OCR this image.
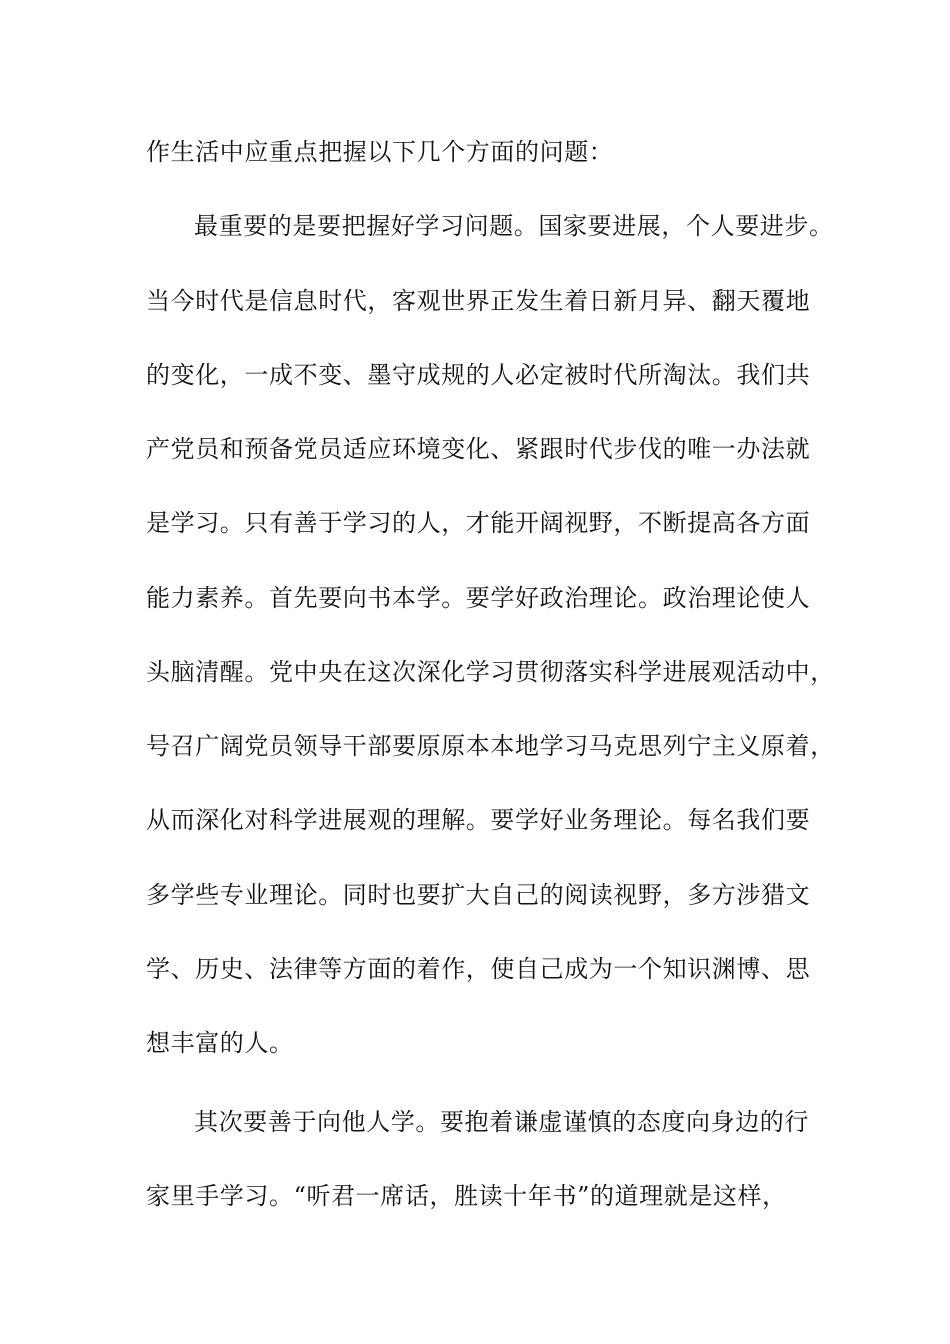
作生活中应重点把握以下几个方面的问题：
最重要的是要把握好学习问题。国家要进展，个人要进步。
当今时代是信息时代，客观世界正发生着日新月异、翻天覆地
的变化，一成不变、墨守成规的人必定被时代所淘汰。我们共
产党员和预备党员适应环境变化、紧跟时代步伐的唯一办法就
是学习。只有善于学习的人，才能开阔视野，不断提高各方面
能力素养。首先要向书本学。要学好政治理论。政治理论使人
头脑清醒。党中央在这次深化学习贯彻落实科学进展观活动中，
号召广阔党员领导干部要原原本本地学习马克思列宁主义原着，
从而深化对科学进展观的理解。要学好业务理论。每名我们要
多学些专业理论。同时也要扩大自己的阅读视野，多方涉猎文
学、历史、法律等方面的着作，使自己成为一个知识渊博、思
想丰富的人。
其次要善于向他人学。要抱着谦虚谨慎的态度向身边的行
家里手学习。“听君一席话，胜读十年书”的道理就是这样，
